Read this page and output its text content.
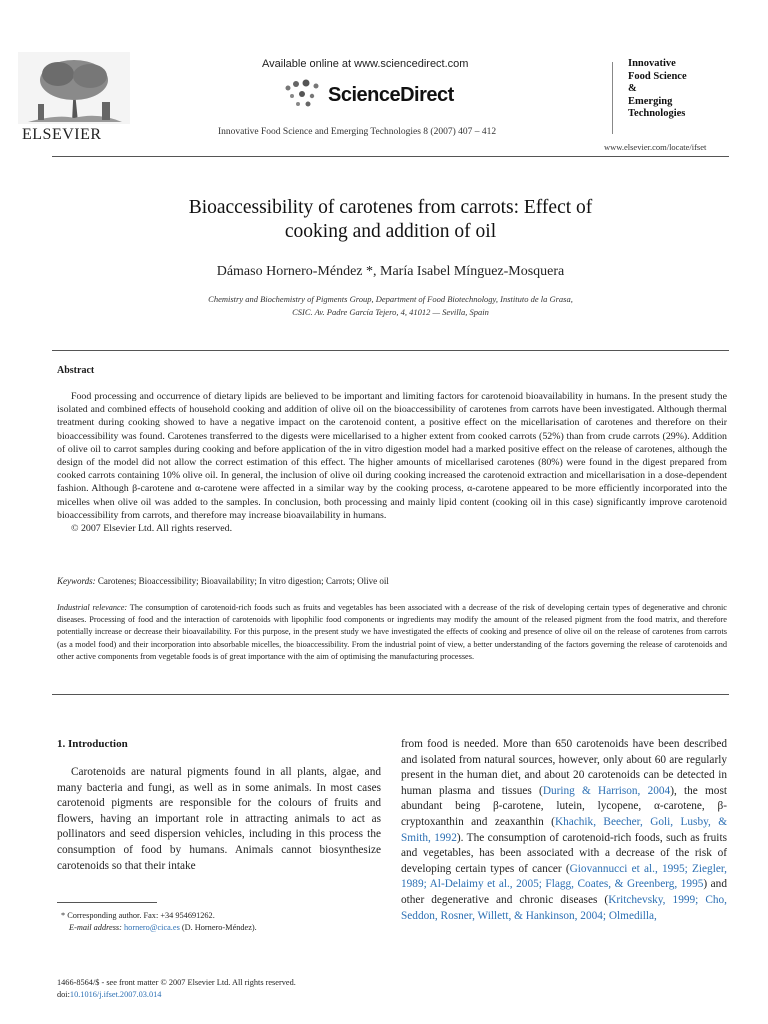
ELSEVIER
Available online at www.sciencedirect.com
ScienceDirect
Innovative Food Science and Emerging Technologies 8 (2007) 407 – 412
Innovative
Food Science
&
Emerging
Technologies
www.elsevier.com/locate/ifset
Bioaccessibility of carotenes from carrots: Effect of
cooking and addition of oil
Dámaso Hornero-Méndez *, María Isabel Mínguez-Mosquera
Chemistry and Biochemistry of Pigments Group, Department of Food Biotechnology, Instituto de la Grasa,
CSIC. Av. Padre García Tejero, 4, 41012 — Sevilla, Spain
Abstract

Food processing and occurrence of dietary lipids are believed to be important and limiting factors for carotenoid bioavailability in humans. In the present study the isolated and combined effects of household cooking and addition of olive oil on the bioaccessibility of carotenes from carrots have been investigated. Although thermal treatment during cooking showed to have a negative impact on the carotenoid content, a positive effect on the micellarisation of carotenes and therefore on their bioaccessibility was found. Carotenes transferred to the digests were micellarised to a higher extent from cooked carrots (52%) than from crude carrots (29%). Addition of olive oil to carrot samples during cooking and before application of the in vitro digestion model had a marked positive effect on the release of carotenes, although the design of the model did not allow the correct estimation of this effect. The higher amounts of micellarised carotenes (80%) were found in the digest prepared from cooked carrots containing 10% olive oil. In general, the inclusion of olive oil during cooking increased the carotenoid extraction and micellarisation in a dose-dependent fashion. Although β-carotene and α-carotene were affected in a similar way by the cooking process, α-carotene appeared to be more efficiently incorporated into the micelles when olive oil was added to the samples. In conclusion, both processing and mainly lipid content (cooking oil in this case) significantly improve carotenoid bioaccessibility from carrots, and therefore may increase bioavailability in humans.

© 2007 Elsevier Ltd. All rights reserved.

Keywords: Carotenes; Bioaccessibility; Bioavailability; In vitro digestion; Carrots; Olive oil
Industrial relevance: The consumption of carotenoid-rich foods such as fruits and vegetables has been associated with a decrease of the risk of developing certain types of degenerative and chronic diseases. Processing of food and the interaction of carotenoids with lipophilic food components or ingredients may modify the amount of the released pigment from the food matrix, and therefore potentially increase or decrease their bioavailability. For this purpose, in the present study we have investigated the effects of cooking and presence of olive oil on the release of carotenes from carrots (as a model food) and their incorporation into absorbable micelles, the bioaccessibility. From the industrial point of view, a better understanding of the factors governing the release of carotenoids and other active components from vegetable foods is of great importance with the aim of optimising the manufacturing processes.
1. Introduction

Carotenoids are natural pigments found in all plants, algae, and many bacteria and fungi, as well as in some animals. In most cases carotenoid pigments are responsible for the colours of fruits and flowers, having an important role in attracting animals to act as pollinators and seed dispersion vehicles, including in this process the consumption of food by humans. Animals cannot biosynthesize carotenoids so that their intake

from food is needed. More than 650 carotenoids have been described and isolated from natural sources, however, only about 60 are regularly present in the human diet, and about 20 carotenoids can be detected in human plasma and tissues (During & Harrison, 2004), the most abundant being β-carotene, lutein, lycopene, α-carotene, β-cryptoxanthin and zeaxanthin (Khachik, Beecher, Goli, Lusby, & Smith, 1992). The consumption of carotenoid-rich foods, such as fruits and vegetables, has been associated with a decrease of the risk of developing certain types of cancer (Giovannucci et al., 1995; Ziegler, 1989; Al-Delaimy et al., 2005; Flagg, Coates, & Greenberg, 1995) and other degenerative and chronic diseases (Kritchevsky, 1999; Cho, Seddon, Rosner, Willett, & Hankinson, 2004; Olmedilla,
* Corresponding author. Fax: +34 954691262.
E-mail address: hornero@cica.es (D. Hornero-Méndez).
1466-8564/$ - see front matter © 2007 Elsevier Ltd. All rights reserved.
doi:10.1016/j.ifset.2007.03.014
